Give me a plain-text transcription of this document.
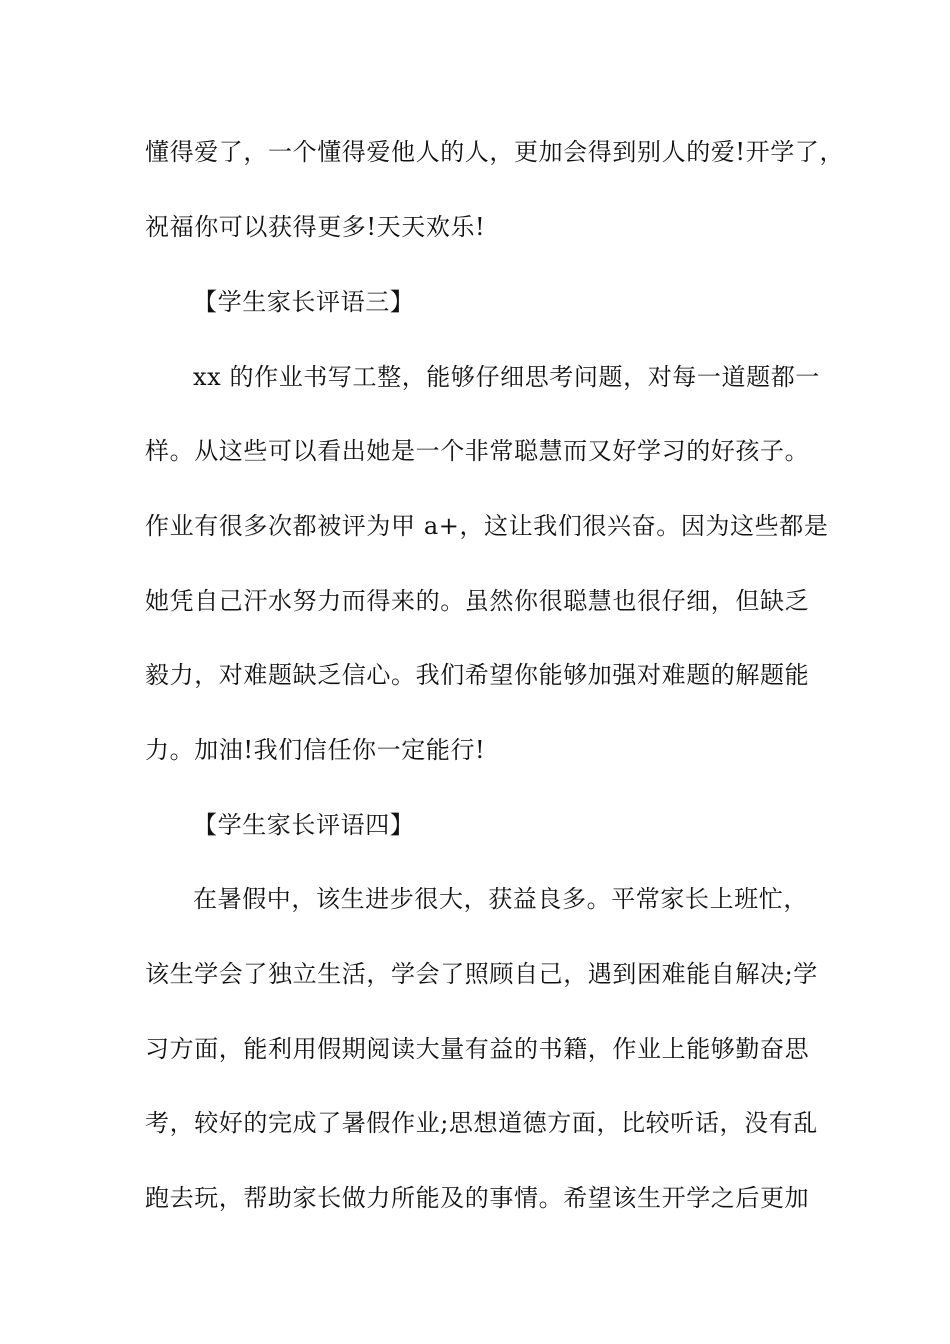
懂得爱了，一个懂得爱他人的人，更加会得到别人的爱!开学了，
祝福你可以获得更多!天天欢乐!
【学生家长评语三】
xx 的作业书写工整，能够仔细思考问题，对每一道题都一
样。从这些可以看出她是一个非常聪慧而又好学习的好孩子。
作业有很多次都被评为甲 a+，这让我们很兴奋。因为这些都是
她凭自己汗水努力而得来的。虽然你很聪慧也很仔细，但缺乏
毅力，对难题缺乏信心。我们希望你能够加强对难题的解题能
力。加油!我们信任你一定能行!
【学生家长评语四】
在暑假中，该生进步很大，获益良多。平常家长上班忙，
该生学会了独立生活，学会了照顾自己，遇到困难能自解决;学
习方面，能利用假期阅读大量有益的书籍，作业上能够勤奋思
考，较好的完成了暑假作业;思想道德方面，比较听话，没有乱
跑去玩，帮助家长做力所能及的事情。希望该生开学之后更加
